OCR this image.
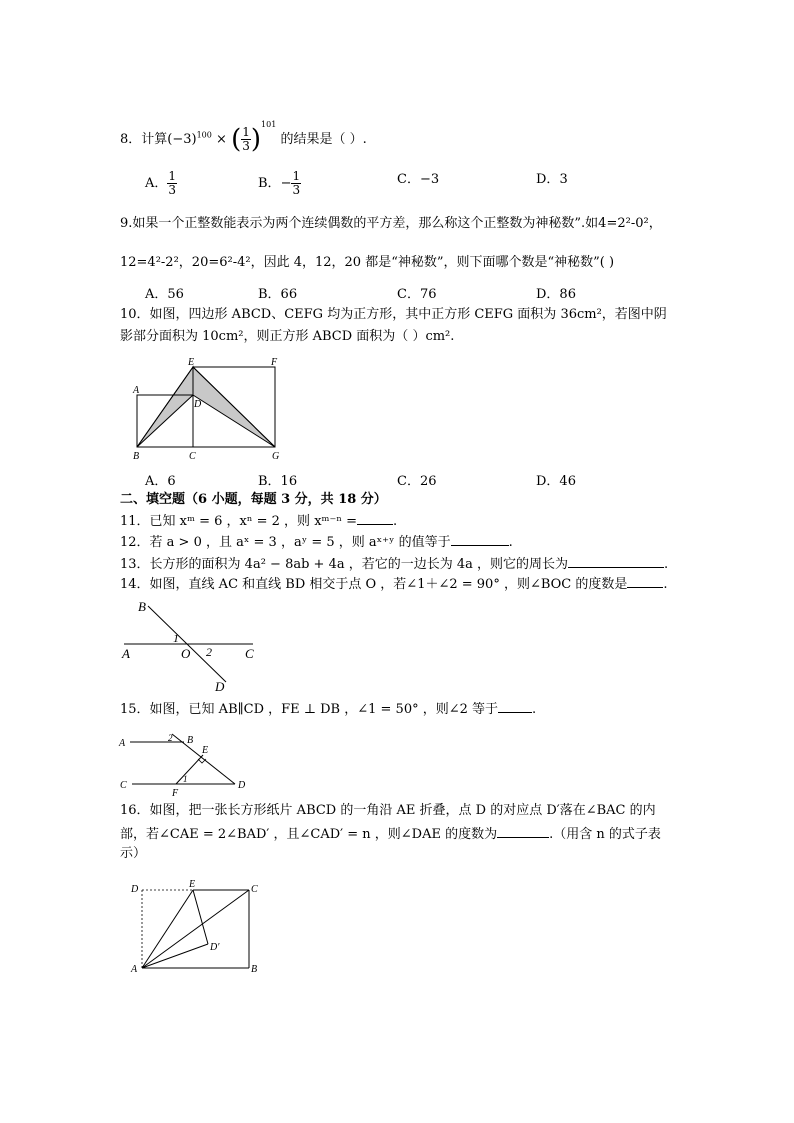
8．计算$(-3)^{100}$ × ( $\frac{1}{3} )^{101}$ 的结果是（ ）.
A． $\frac{1}{3}$	B．− $\frac{1}{3}$	C．−3	D．3
9.如果一个正整数能表示为两个连续偶数的平方差，那么称这个正整数为神秘数”.如4=2²-0²，
12=4²-2²，20=6²-4²，因此 4，12，20 都是“神秘数”，则下面哪个数是“神秘数”( )
A．56	B．66	C．76	D．86
10．如图，四边形 ABCD、CEFG 均为正方形，其中正方形 CEFG 面积为 36cm²，若图中阴
影部分面积为 10cm²，则正方形 ABCD 面积为（ ）cm².
E	F
A
D
B	C	G
A．6	B．16	C．26	D．46
二、填空题（6 小题，每题 3 分，共 18 分）
11．已知 xᵐ = 6 ，xⁿ = 2 ，则 xᵐ⁻ⁿ =	.
12．若 a > 0 ，且 aˣ = 3 ，aʸ = 5 ，则 aˣ⁺ʸ 的值等于	.
13．长方形的面积为 4a² − 8ab + 4a ，若它的一边长为 4a ，则它的周长为	.
14．如图，直线 AC 和直线 BD 相交于点 O ，若∠1＋∠2 = 90° ，则∠BOC 的度数是	.
B
1
A	O 2	C
D
15．如图，已知 AB∥CD ，FE ⊥ DB ，∠1 = 50° ，则∠2 等于	.
A	B
2
E
C
1
D
F
16．如图，把一张长方形纸片 ABCD 的一角沿 AE 折叠，点 D 的对应点 D′落在∠BAC 的内
部，若∠CAE = 2∠BAD′ ，且∠CAD′ = n ，则∠DAE 的度数为	.（用含 n 的式子表
示）
D	E	C
D′
A	B
